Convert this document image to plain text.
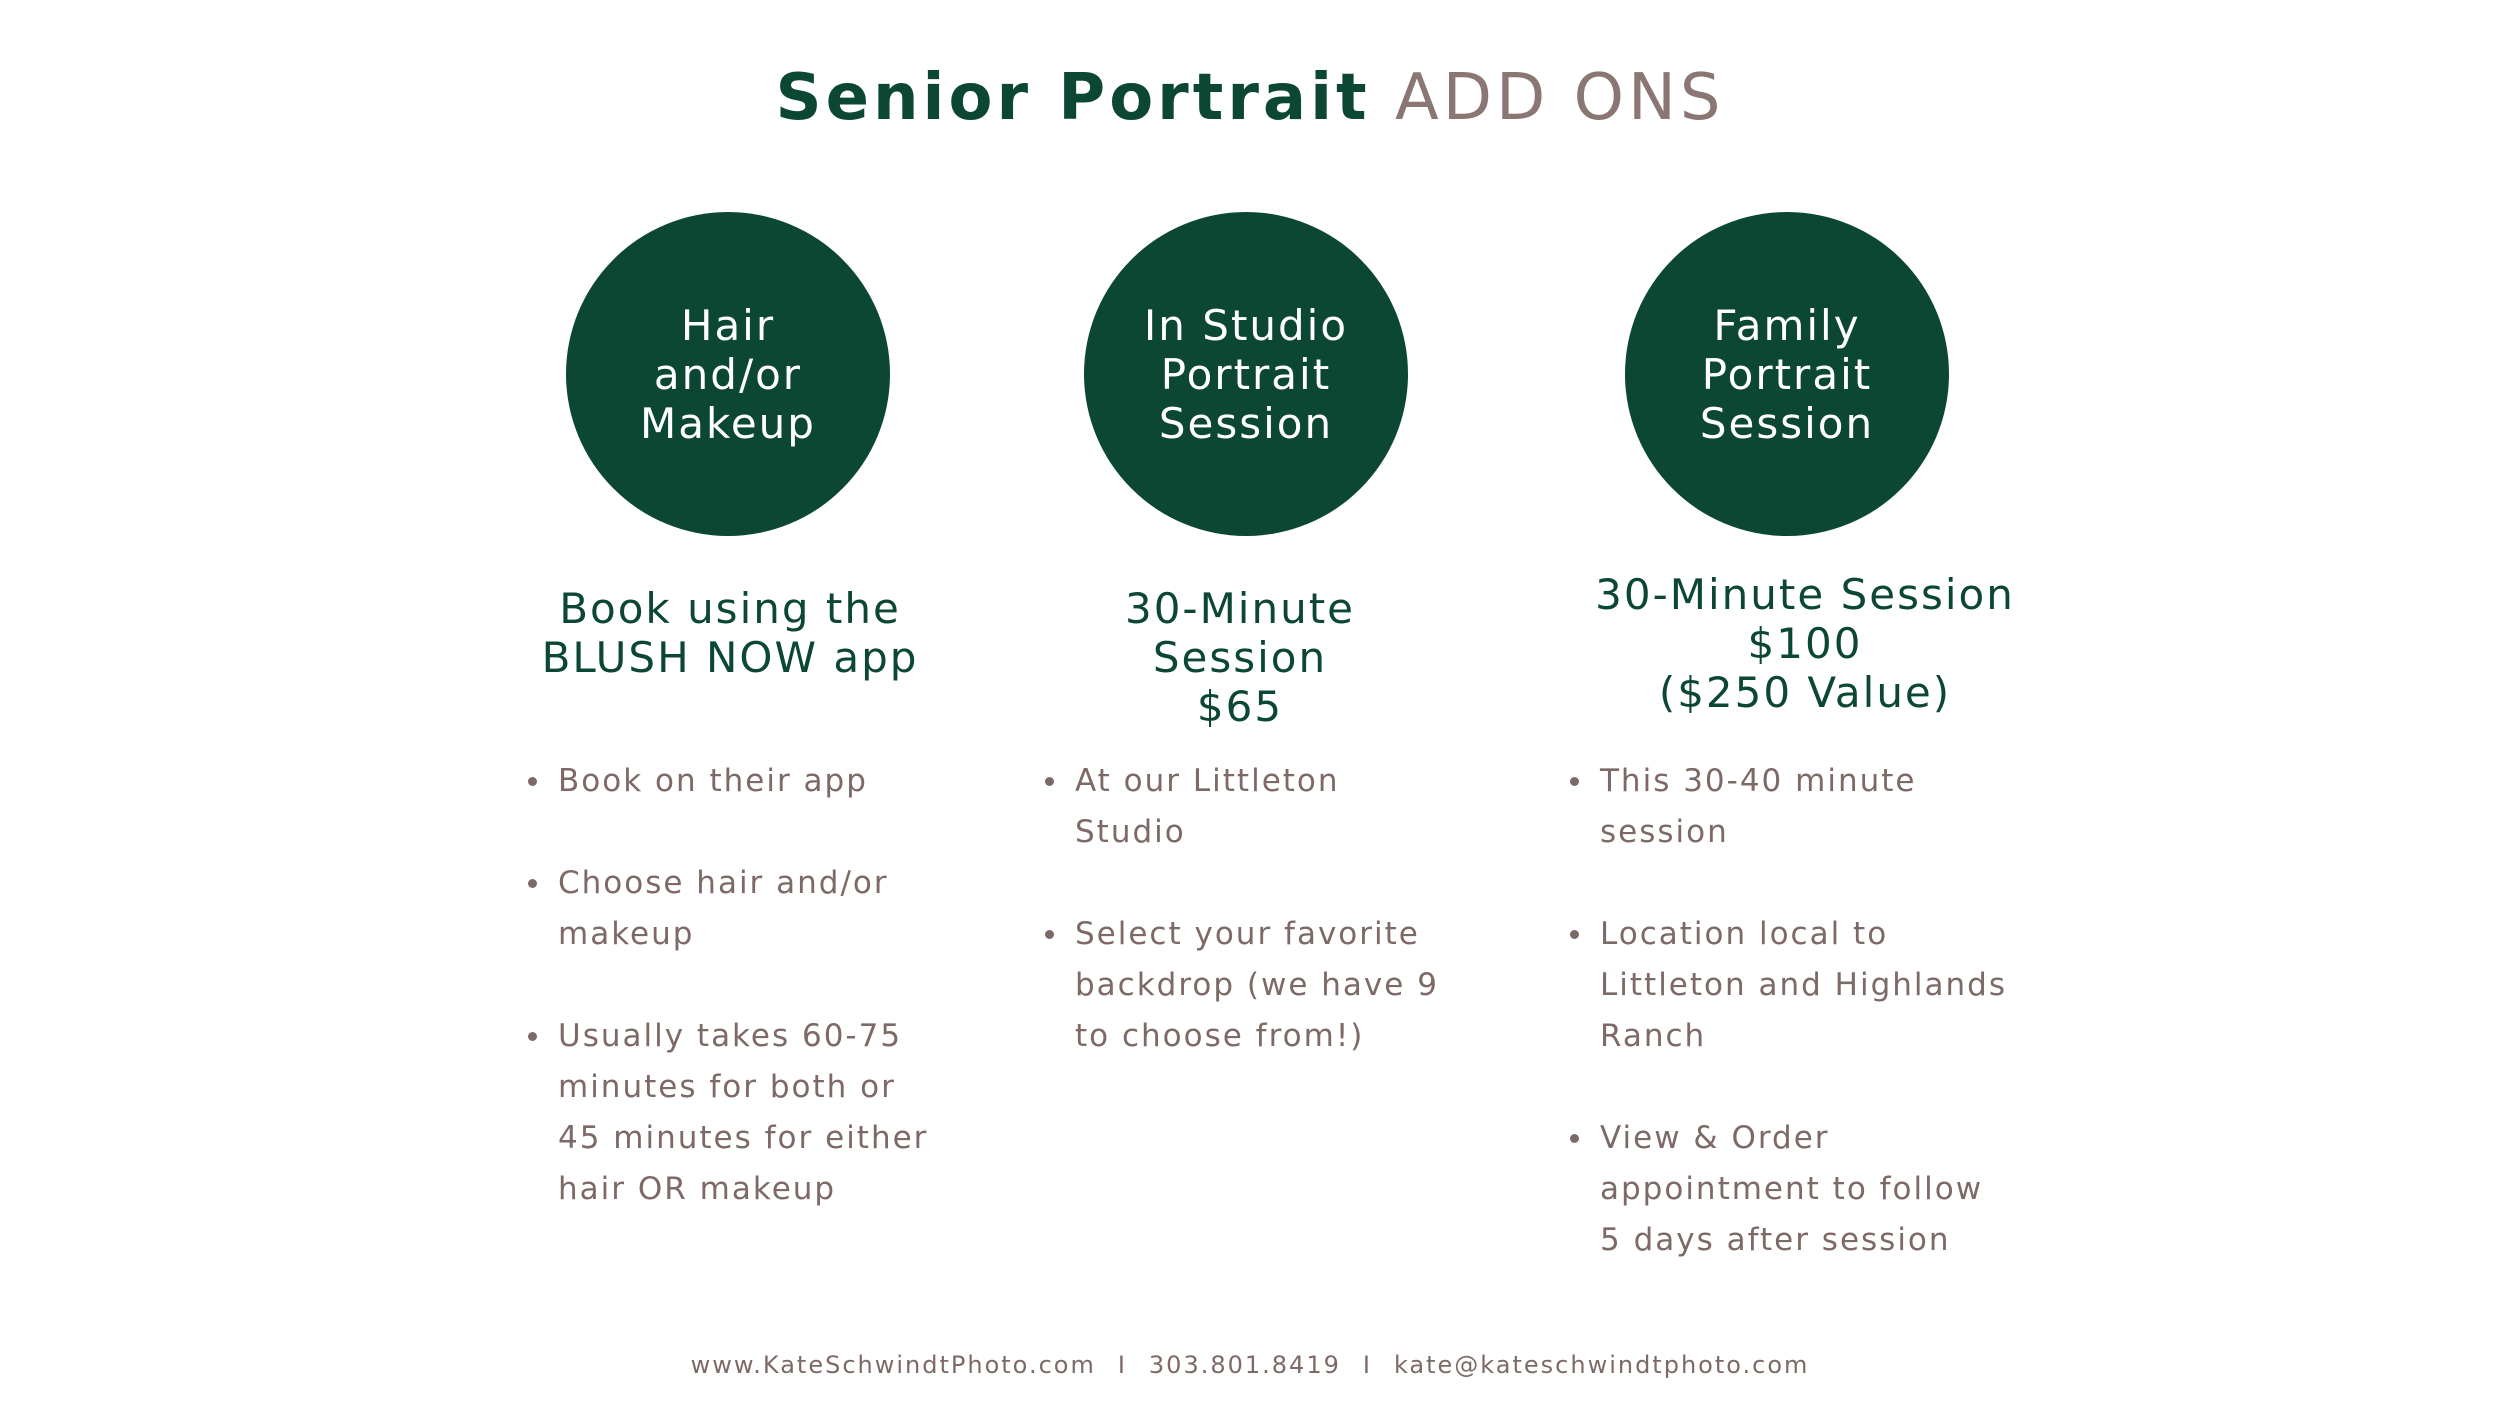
Senior Portrait ADD ONS
Hair
and/or
Makeup
Book using the
BLUSH NOW app
Book on their app
Choose hair and/or
makeup
Usually takes 60-75
minutes for both or
45 minutes for either
hair OR makeup
In Studio
Portrait
Session
30-Minute
Session
$65
At our Littleton
Studio
Select your favorite
backdrop (we have 9
to choose from!)
Family
Portrait
Session
30-Minute Session
$100
($250 Value)
This 30-40 minute
session
Location local to
Littleton and Highlands
Ranch
View & Order
appointment to follow
5 days after session
www.KateSchwindtPhoto.com I 303.801.8419 I kate@kateschwindtphoto.com
